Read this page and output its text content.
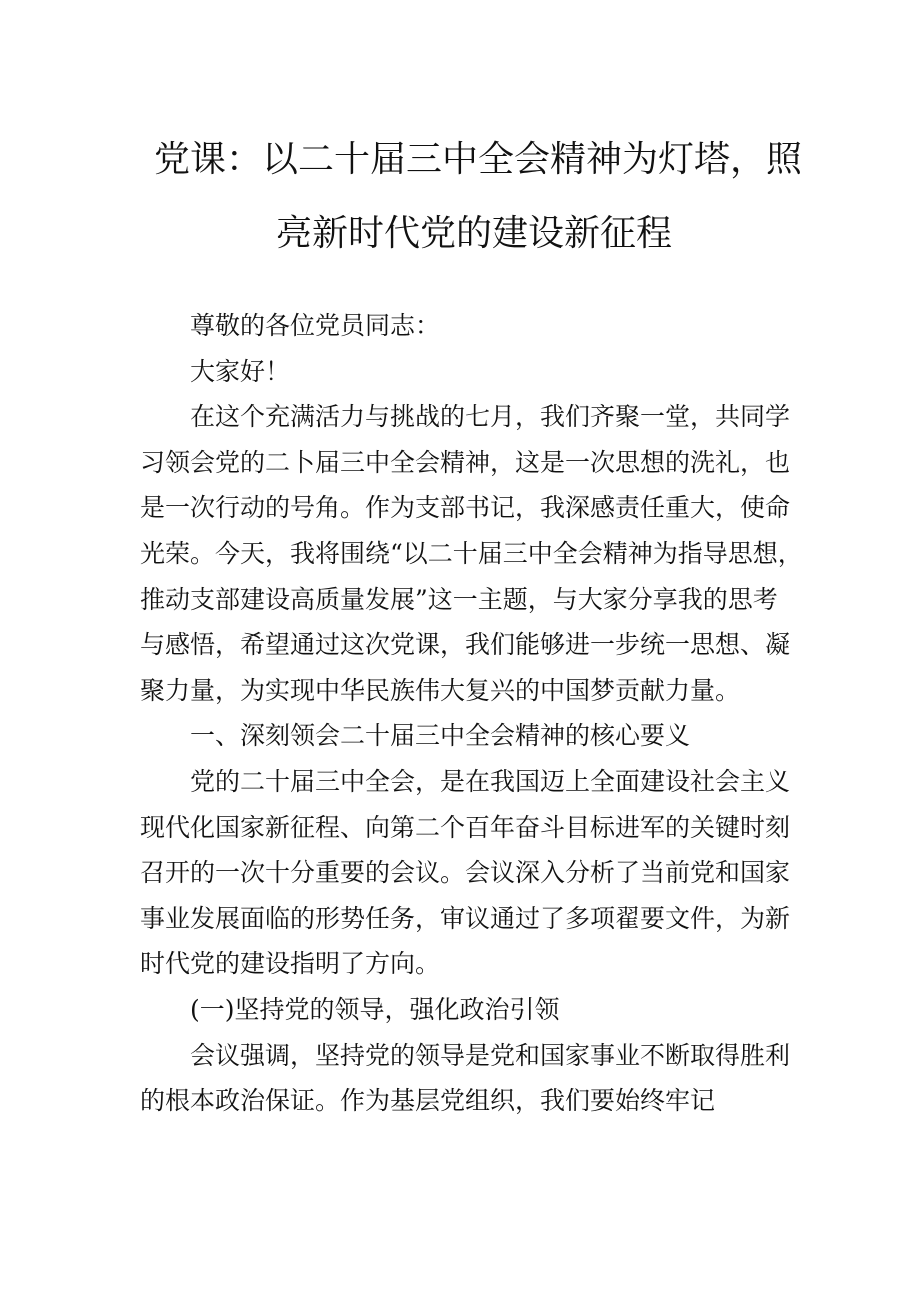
党课：以二十届三中全会精神为灯塔，照
亮新时代党的建设新征程
尊敬的各位党员同志：
大家好！
在这个充满活力与挑战的七月，我们齐聚一堂，共同学
习领会党的二卜届三中全会精神，这是一次思想的洗礼，也
是一次行动的号角。作为支部书记，我深感责任重大，使命
光荣。今天，我将围绕“以二十届三中全会精神为指导思想，
推动支部建设高质量发展”这一主题，与大家分享我的思考
与感悟，希望通过这次党课，我们能够进一步统一思想、凝
聚力量，为实现中华民族伟大复兴的中国梦贡献力量。
一、深刻领会二十届三中全会精神的核心要义
党的二十届三中全会，是在我国迈上全面建设社会主义
现代化国家新征程、向第二个百年奋斗目标进军的关键时刻
召开的一次十分重要的会议。会议深入分析了当前党和国家
事业发展面临的形势任务，审议通过了多项翟要文件，为新
时代党的建设指明了方向。
(一)坚持党的领导，强化政治引领
会议强调，坚持党的领导是党和国家事业不断取得胜利
的根本政治保证。作为基层党组织，我们要始终牢记
